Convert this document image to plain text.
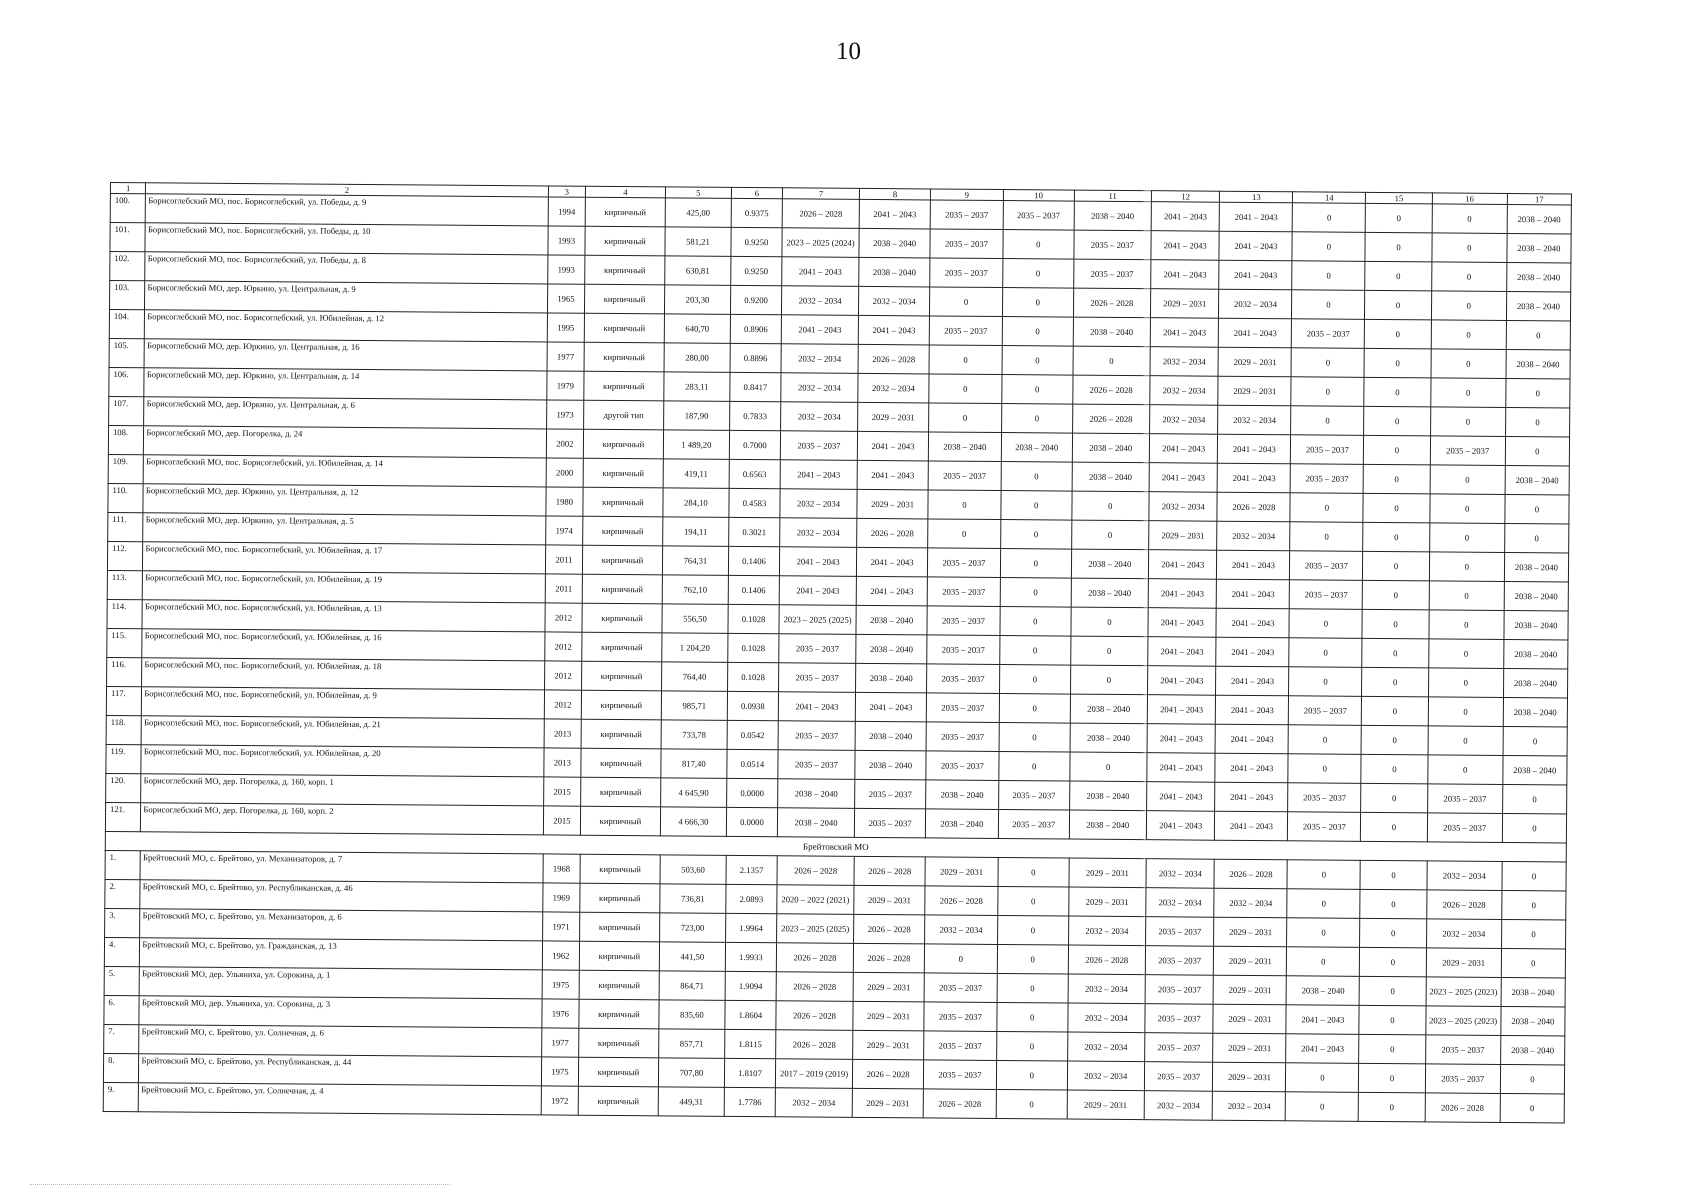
10
1	2	3	4	5	6	7	8	9	10	11	12	13	14	15	16	17
100.	Борисоглебский МО, пос. Борисоглебский, ул. Победы, д. 9	1994	кирпичный	425,00	0.9375	2026 – 2028	2041 – 2043	2035 – 2037	2035 – 2037	2038 – 2040	2041 – 2043	2041 – 2043	0	0	0	2038 – 2040
101.	Борисоглебский МО, пос. Борисоглебский, ул. Победы, д. 10	1993	кирпичный	581,21	0.9250	2023 – 2025 (2024)	2038 – 2040	2035 – 2037	0	2035 – 2037	2041 – 2043	2041 – 2043	0	0	0	2038 – 2040
102.	Борисоглебский МО, пос. Борисоглебский, ул. Победы, д. 8	1993	кирпичный	630,81	0.9250	2041 – 2043	2038 – 2040	2035 – 2037	0	2035 – 2037	2041 – 2043	2041 – 2043	0	0	0	2038 – 2040
103.	Борисоглебский МО, дер. Юркино, ул. Центральная, д. 9	1965	кирпичный	203,30	0.9200	2032 – 2034	2032 – 2034	0	0	2026 – 2028	2029 – 2031	2032 – 2034	0	0	0	2038 – 2040
104.	Борисоглебский МО, пос. Борисоглебский, ул. Юбилейная, д. 12	1995	кирпичный	640,70	0.8906	2041 – 2043	2041 – 2043	2035 – 2037	0	2038 – 2040	2041 – 2043	2041 – 2043	2035 – 2037	0	0	0
105.	Борисоглебский МО, дер. Юркино, ул. Центральная, д. 16	1977	кирпичный	280,00	0.8896	2032 – 2034	2026 – 2028	0	0	0	2032 – 2034	2029 – 2031	0	0	0	2038 – 2040
106.	Борисоглебский МО, дер. Юркино, ул. Центральная, д. 14	1979	кирпичный	283,11	0.8417	2032 – 2034	2032 – 2034	0	0	2026 – 2028	2032 – 2034	2029 – 2031	0	0	0	0
107.	Борисоглебский МО, дер. Юркино, ул. Центральная, д. 6	1973	другой тип	187,90	0.7833	2032 – 2034	2029 – 2031	0	0	2026 – 2028	2032 – 2034	2032 – 2034	0	0	0	0
108.	Борисоглебский МО, дер. Погорелка, д. 24	2002	кирпичный	1 489,20	0.7000	2035 – 2037	2041 – 2043	2038 – 2040	2038 – 2040	2038 – 2040	2041 – 2043	2041 – 2043	2035 – 2037	0	2035 – 2037	0
109.	Борисоглебский МО, пос. Борисоглебский, ул. Юбилейная, д. 14	2000	кирпичный	419,11	0.6563	2041 – 2043	2041 – 2043	2035 – 2037	0	2038 – 2040	2041 – 2043	2041 – 2043	2035 – 2037	0	0	2038 – 2040
110.	Борисоглебский МО, дер. Юркино, ул. Центральная, д. 12	1980	кирпичный	284,10	0.4583	2032 – 2034	2029 – 2031	0	0	0	2032 – 2034	2026 – 2028	0	0	0	0
111.	Борисоглебский МО, дер. Юркино, ул. Центральная, д. 5	1974	кирпичный	194,11	0.3021	2032 – 2034	2026 – 2028	0	0	0	2029 – 2031	2032 – 2034	0	0	0	0
112.	Борисоглебский МО, пос. Борисоглебский, ул. Юбилейная, д. 17	2011	кирпичный	764,31	0.1406	2041 – 2043	2041 – 2043	2035 – 2037	0	2038 – 2040	2041 – 2043	2041 – 2043	2035 – 2037	0	0	2038 – 2040
113.	Борисоглебский МО, пос. Борисоглебский, ул. Юбилейная, д. 19	2011	кирпичный	762,10	0.1406	2041 – 2043	2041 – 2043	2035 – 2037	0	2038 – 2040	2041 – 2043	2041 – 2043	2035 – 2037	0	0	2038 – 2040
114.	Борисоглебский МО, пос. Борисоглебский, ул. Юбилейная, д. 13	2012	кирпичный	556,50	0.1028	2023 – 2025 (2025)	2038 – 2040	2035 – 2037	0	0	2041 – 2043	2041 – 2043	0	0	0	2038 – 2040
115.	Борисоглебский МО, пос. Борисоглебский, ул. Юбилейная, д. 16	2012	кирпичный	1 204,20	0.1028	2035 – 2037	2038 – 2040	2035 – 2037	0	0	2041 – 2043	2041 – 2043	0	0	0	2038 – 2040
116.	Борисоглебский МО, пос. Борисоглебский, ул. Юбилейная, д. 18	2012	кирпичный	764,40	0.1028	2035 – 2037	2038 – 2040	2035 – 2037	0	0	2041 – 2043	2041 – 2043	0	0	0	2038 – 2040
117.	Борисоглебский МО, пос. Борисоглебский, ул. Юбилейная, д. 9	2012	кирпичный	985,71	0.0938	2041 – 2043	2041 – 2043	2035 – 2037	0	2038 – 2040	2041 – 2043	2041 – 2043	2035 – 2037	0	0	2038 – 2040
118.	Борисоглебский МО, пос. Борисоглебский, ул. Юбилейная, д. 21	2013	кирпичный	733,78	0.0542	2035 – 2037	2038 – 2040	2035 – 2037	0	2038 – 2040	2041 – 2043	2041 – 2043	0	0	0	0
119.	Борисоглебский МО, пос. Борисоглебский, ул. Юбилейная, д. 20	2013	кирпичный	817,40	0.0514	2035 – 2037	2038 – 2040	2035 – 2037	0	0	2041 – 2043	2041 – 2043	0	0	0	2038 – 2040
120.	Борисоглебский МО, дер. Погорелка, д. 160, корп. 1	2015	кирпичный	4 645,90	0.0000	2038 – 2040	2035 – 2037	2038 – 2040	2035 – 2037	2038 – 2040	2041 – 2043	2041 – 2043	2035 – 2037	0	2035 – 2037	0
121.	Борисоглебский МО, дер. Погорелка, д. 160, корп. 2	2015	кирпичный	4 666,30	0.0000	2038 – 2040	2035 – 2037	2038 – 2040	2035 – 2037	2038 – 2040	2041 – 2043	2041 – 2043	2035 – 2037	0	2035 – 2037	0
Брейтовский МО																
1.	Брейтовский МО, с. Брейтово, ул. Механизаторов, д. 7	1968	кирпичный	503,60	2.1357	2026 – 2028	2026 – 2028	2029 – 2031	0	2029 – 2031	2032 – 2034	2026 – 2028	0	0	2032 – 2034	0
2.	Брейтовский МО, с. Брейтово, ул. Республиканская, д. 46	1969	кирпичный	736,81	2.0893	2020 – 2022 (2021)	2029 – 2031	2026 – 2028	0	2029 – 2031	2032 – 2034	2032 – 2034	0	0	2026 – 2028	0
3.	Брейтовский МО, с. Брейтово, ул. Механизаторов, д. 6	1971	кирпичный	723,00	1.9964	2023 – 2025 (2025)	2026 – 2028	2032 – 2034	0	2032 – 2034	2035 – 2037	2029 – 2031	0	0	2032 – 2034	0
4.	Брейтовский МО, с. Брейтово, ул. Гражданская, д. 13	1962	кирпичный	441,50	1.9933	2026 – 2028	2026 – 2028	0	0	2026 – 2028	2035 – 2037	2029 – 2031	0	0	2029 – 2031	0
5.	Брейтовский МО, дер. Ульяниха, ул. Сорокина, д. 1	1975	кирпичный	864,71	1.9094	2026 – 2028	2029 – 2031	2035 – 2037	0	2032 – 2034	2035 – 2037	2029 – 2031	2038 – 2040	0	2023 – 2025 (2023)	2038 – 2040
6.	Брейтовский МО, дер. Ульяниха, ул. Сорокина, д. 3	1976	кирпичный	835,60	1.8604	2026 – 2028	2029 – 2031	2035 – 2037	0	2032 – 2034	2035 – 2037	2029 – 2031	2041 – 2043	0	2023 – 2025 (2023)	2038 – 2040
7.	Брейтовский МО, с. Брейтово, ул. Солнечная, д. 6	1977	кирпичный	857,71	1.8115	2026 – 2028	2029 – 2031	2035 – 2037	0	2032 – 2034	2035 – 2037	2029 – 2031	2041 – 2043	0	2035 – 2037	2038 – 2040
8.	Брейтовский МО, с. Брейтово, ул. Республиканская, д. 44	1975	кирпичный	707,80	1.8107	2017 – 2019 (2019)	2026 – 2028	2035 – 2037	0	2032 – 2034	2035 – 2037	2029 – 2031	0	0	2035 – 2037	0
9.	Брейтовский МО, с. Брейтово, ул. Солнечная, д. 4	1972	кирпичный	449,31	1.7786	2032 – 2034	2029 – 2031	2026 – 2028	0	2029 – 2031	2032 – 2034	2032 – 2034	0	0	2026 – 2028	0
